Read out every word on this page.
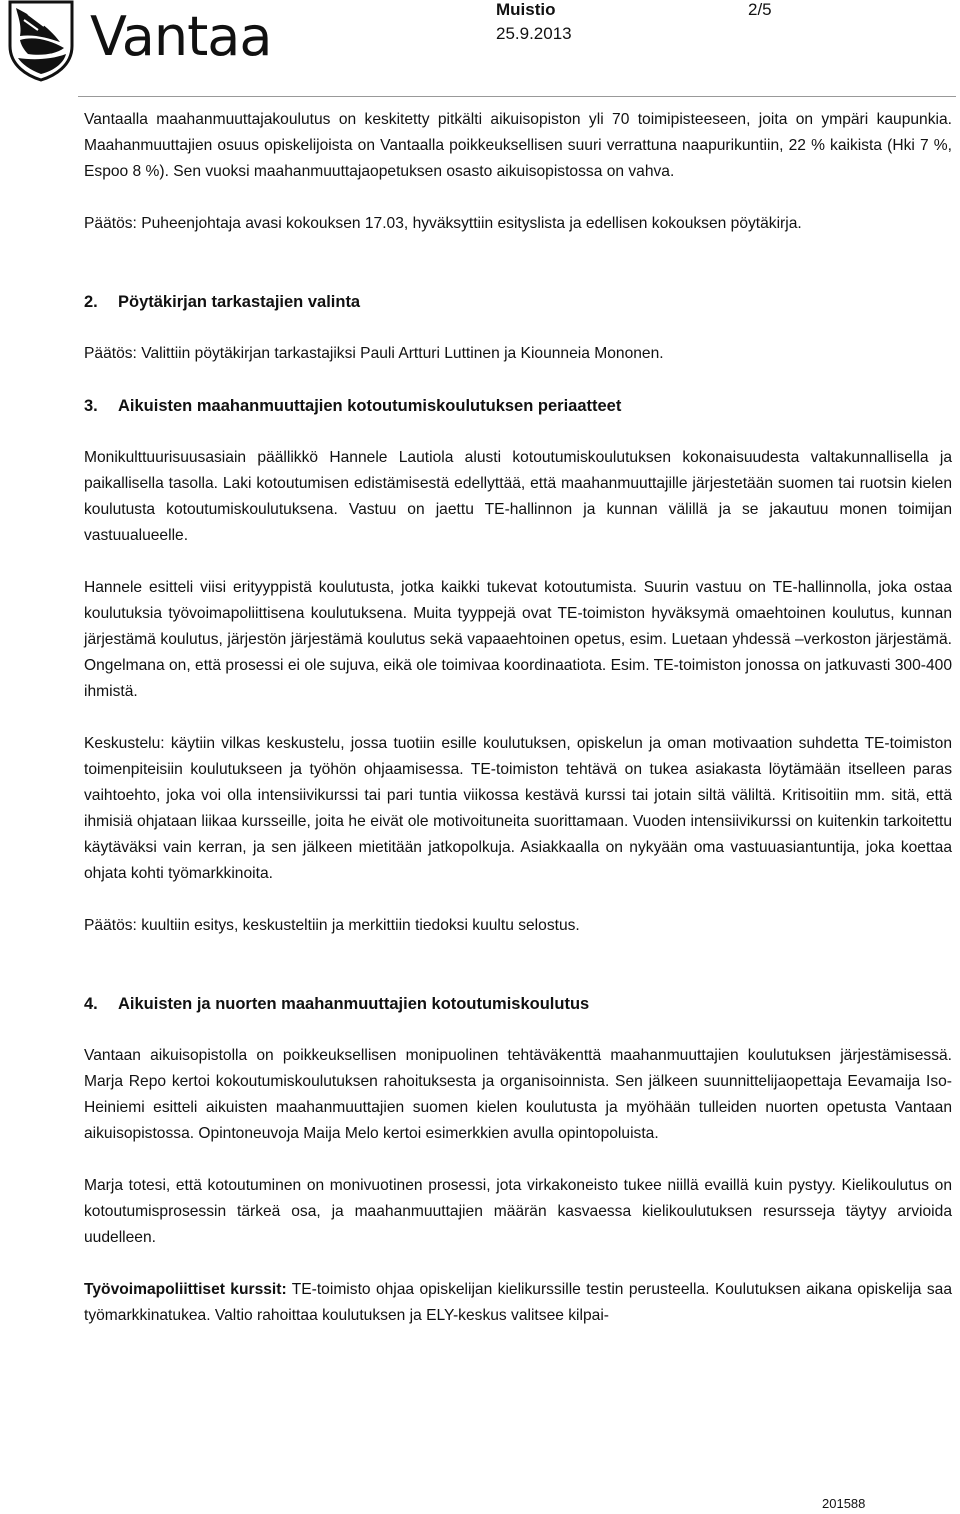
Vantaa	Muistio
25.9.2013
2/5

Vantaalla maahanmuuttajakoulutus on keskitetty pitkälti aikuisopiston yli 70 toimipisteeseen, joita on ympäri kaupunkia. Maahanmuuttajien osuus opiskelijoista on Vantaalla poikkeuksellisen suuri verrattuna naapurikuntiin, 22 % kaikista (Hki 7 %, Espoo 8 %). Sen vuoksi maahanmuuttajaopetuksen osasto aikuisopistossa on vahva.

Päätös: Puheenjohtaja avasi kokouksen 17.03, hyväksyttiin esityslista ja edellisen kokouksen pöytäkirja.

2. Pöytäkirjan tarkastajien valinta

Päätös: Valittiin pöytäkirjan tarkastajiksi Pauli Artturi Luttinen ja Kiounneia Mononen.

3. Aikuisten maahanmuuttajien kotoutumiskoulutuksen periaatteet

Monikulttuurisuusasiain päällikkö Hannele Lautiola alusti kotoutumiskoulutuksen kokonaisuudesta valtakunnallisella ja paikallisella tasolla. Laki kotoutumisen edistämisestä edellyttää, että maahanmuuttajille järjestetään suomen tai ruotsin kielen koulutusta kotoutumiskoulutuksena. Vastuu on jaettu TE-hallinnon ja kunnan välillä ja se jakautuu monen toimijan vastuualueelle.

Hannele esitteli viisi erityyppistä koulutusta, jotka kaikki tukevat kotoutumista. Suurin vastuu on TE-hallinnolla, joka ostaa koulutuksia työvoimapoliittisena koulutuksena. Muita tyyppejä ovat TE-toimiston hyväksymä omaehtoinen koulutus, kunnan järjestämä koulutus, järjestön järjestämä koulutus sekä vapaaehtoinen opetus, esim. Luetaan yhdessä –verkoston järjestämä. Ongelmana on, että prosessi ei ole sujuva, eikä ole toimivaa koordinaatiota. Esim. TE-toimiston jonossa on jatkuvasti 300-400 ihmistä.

Keskustelu: käytiin vilkas keskustelu, jossa tuotiin esille koulutuksen, opiskelun ja oman motivaation suhdetta TE-toimiston toimenpiteisiin koulutukseen ja työhön ohjaamisessa. TE-toimiston tehtävä on tukea asiakasta löytämään itselleen paras vaihtoehto, joka voi olla intensiivikurssi tai pari tuntia viikossa kestävä kurssi tai jotain siltä väliltä. Kritisoitiin mm. sitä, että ihmisiä ohjataan liikaa kursseille, joita he eivät ole motivoituneita suorittamaan. Vuoden intensiivikurssi on kuitenkin tarkoitettu käytäväksi vain kerran, ja sen jälkeen mietitään jatkopolkuja. Asiakkaalla on nykyään oma vastuuasiantuntija, joka koettaa ohjata kohti työmarkkinoita.

Päätös: kuultiin esitys, keskusteltiin ja merkittiin tiedoksi kuultu selostus.

4. Aikuisten ja nuorten maahanmuuttajien kotoutumiskoulutus

Vantaan aikuisopistolla on poikkeuksellisen monipuolinen tehtäväkenttä maahanmuuttajien koulutuksen järjestämisessä. Marja Repo kertoi kokoutumiskoulutuksen rahoituksesta ja organisoinnista. Sen jälkeen suunnittelijaopettaja Eevamaija Iso-Heiniemi esitteli aikuisten maahanmuuttajien suomen kielen koulutusta ja myöhään tulleiden nuorten opetusta Vantaan aikuisopistossa. Opintoneuvoja Maija Melo kertoi esimerkkien avulla opintopoluista.

Marja totesi, että kotoutuminen on monivuotinen prosessi, jota virkakoneisto tukee niillä evaillä kuin pystyy. Kielikoulutus on kotoutumisprosessin tärkeä osa, ja maahanmuuttajien määrän kasvaessa kielikoulutuksen resursseja täytyy arvioida uudelleen.

Työvoimapoliittiset kurssit: TE-toimisto ohjaa opiskelijan kielikurssille testin perusteella. Koulutuksen aikana opiskelija saa työmarkkinatukea. Valtio rahoittaa koulutuksen ja ELY-keskus valitsee kilpai-

201588
